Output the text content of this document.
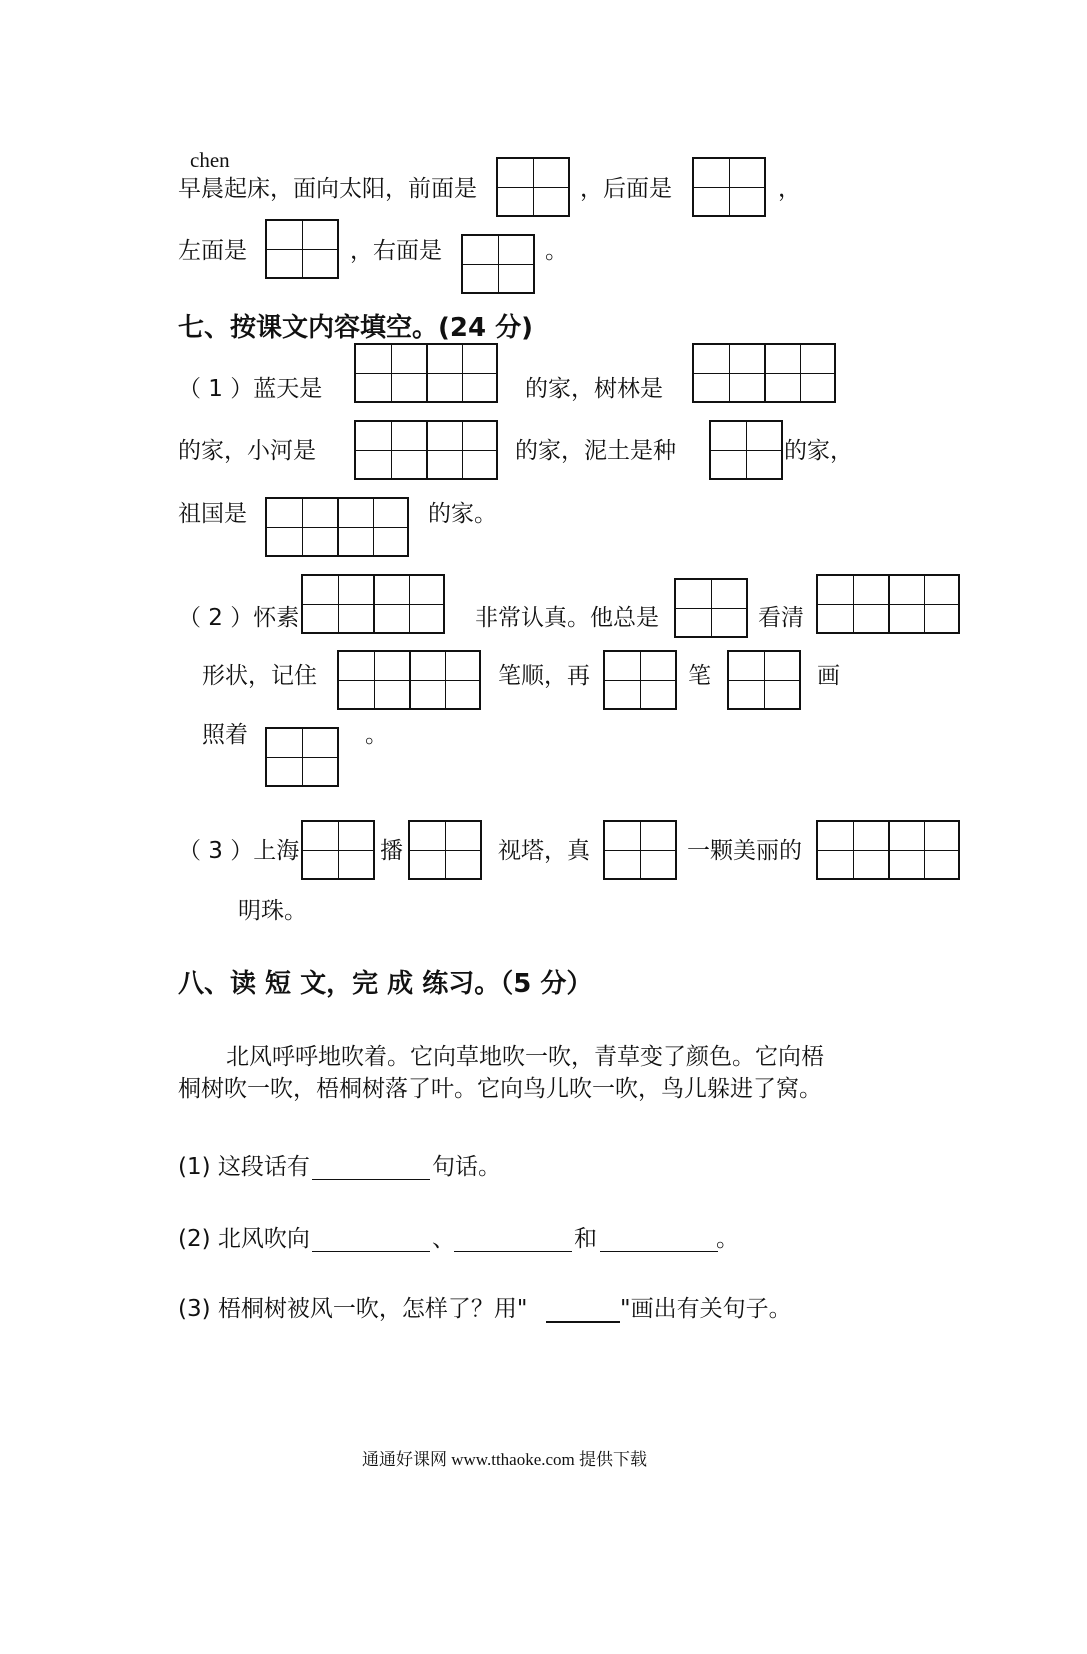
chen
早晨起床，面向太阳，前面是	，后面是	，
左面是	，右面是	。
七、按课文内容填空。(24 分)
（ 1 ）蓝天是	的家，树林是
的家，小河是	的家，泥土是种	的家，
祖国是	的家。
（ 2 ）怀素	非常认真。他总是	看清
形状，记住	笔顺，再	笔	画
照着	。
（ 3 ）上海	播	视塔，真	一颗美丽的
明珠。
八、读 短 文，完 成 练习。（5 分）
北风呼呼地吹着。它向草地吹一吹，青草变了颜色。它向梧
桐树吹一吹，梧桐树落了叶。它向鸟儿吹一吹，鸟儿躲进了窝。
(1) 这段话有	句话。
(2) 北风吹向	、	和	。
(3) 梧桐树被风一吹，怎样了？用"	"画出有关句子。
通通好课网 www.tthaoke.com 提供下载
